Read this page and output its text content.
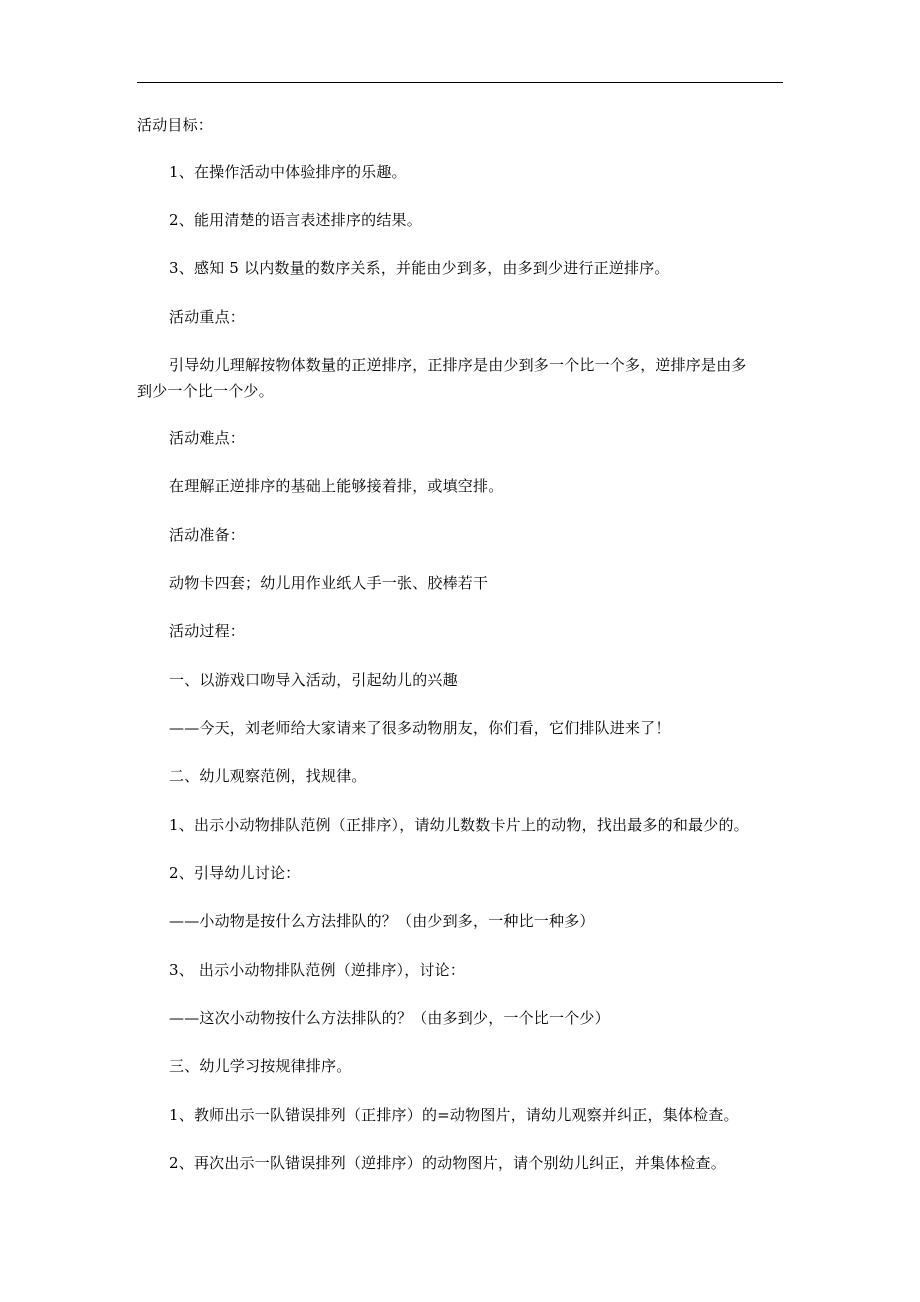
活动目标：
1、在操作活动中体验排序的乐趣。
2、能用清楚的语言表述排序的结果。
3、感知 5 以内数量的数序关系，并能由少到多，由多到少进行正逆排序。
活动重点：
引导幼儿理解按物体数量的正逆排序，正排序是由少到多一个比一个多，逆排序是由多
到少一个比一个少。
活动难点：
在理解正逆排序的基础上能够接着排，或填空排。
活动准备：
动物卡四套；幼儿用作业纸人手一张、胶棒若干
活动过程：
一、以游戏口吻导入活动，引起幼儿的兴趣
——今天，刘老师给大家请来了很多动物朋友，你们看，它们排队进来了！
二、幼儿观察范例，找规律。
1、出示小动物排队范例（正排序），请幼儿数数卡片上的动物，找出最多的和最少的。
2、引导幼儿讨论：
——小动物是按什么方法排队的？（由少到多，一种比一种多）
3、 出示小动物排队范例（逆排序），讨论：
——这次小动物按什么方法排队的？（由多到少，一个比一个少）
三、幼儿学习按规律排序。
1、教师出示一队错误排列（正排序）的=动物图片，请幼儿观察并纠正，集体检查。
2、再次出示一队错误排列（逆排序）的动物图片，请个别幼儿纠正，并集体检查。
